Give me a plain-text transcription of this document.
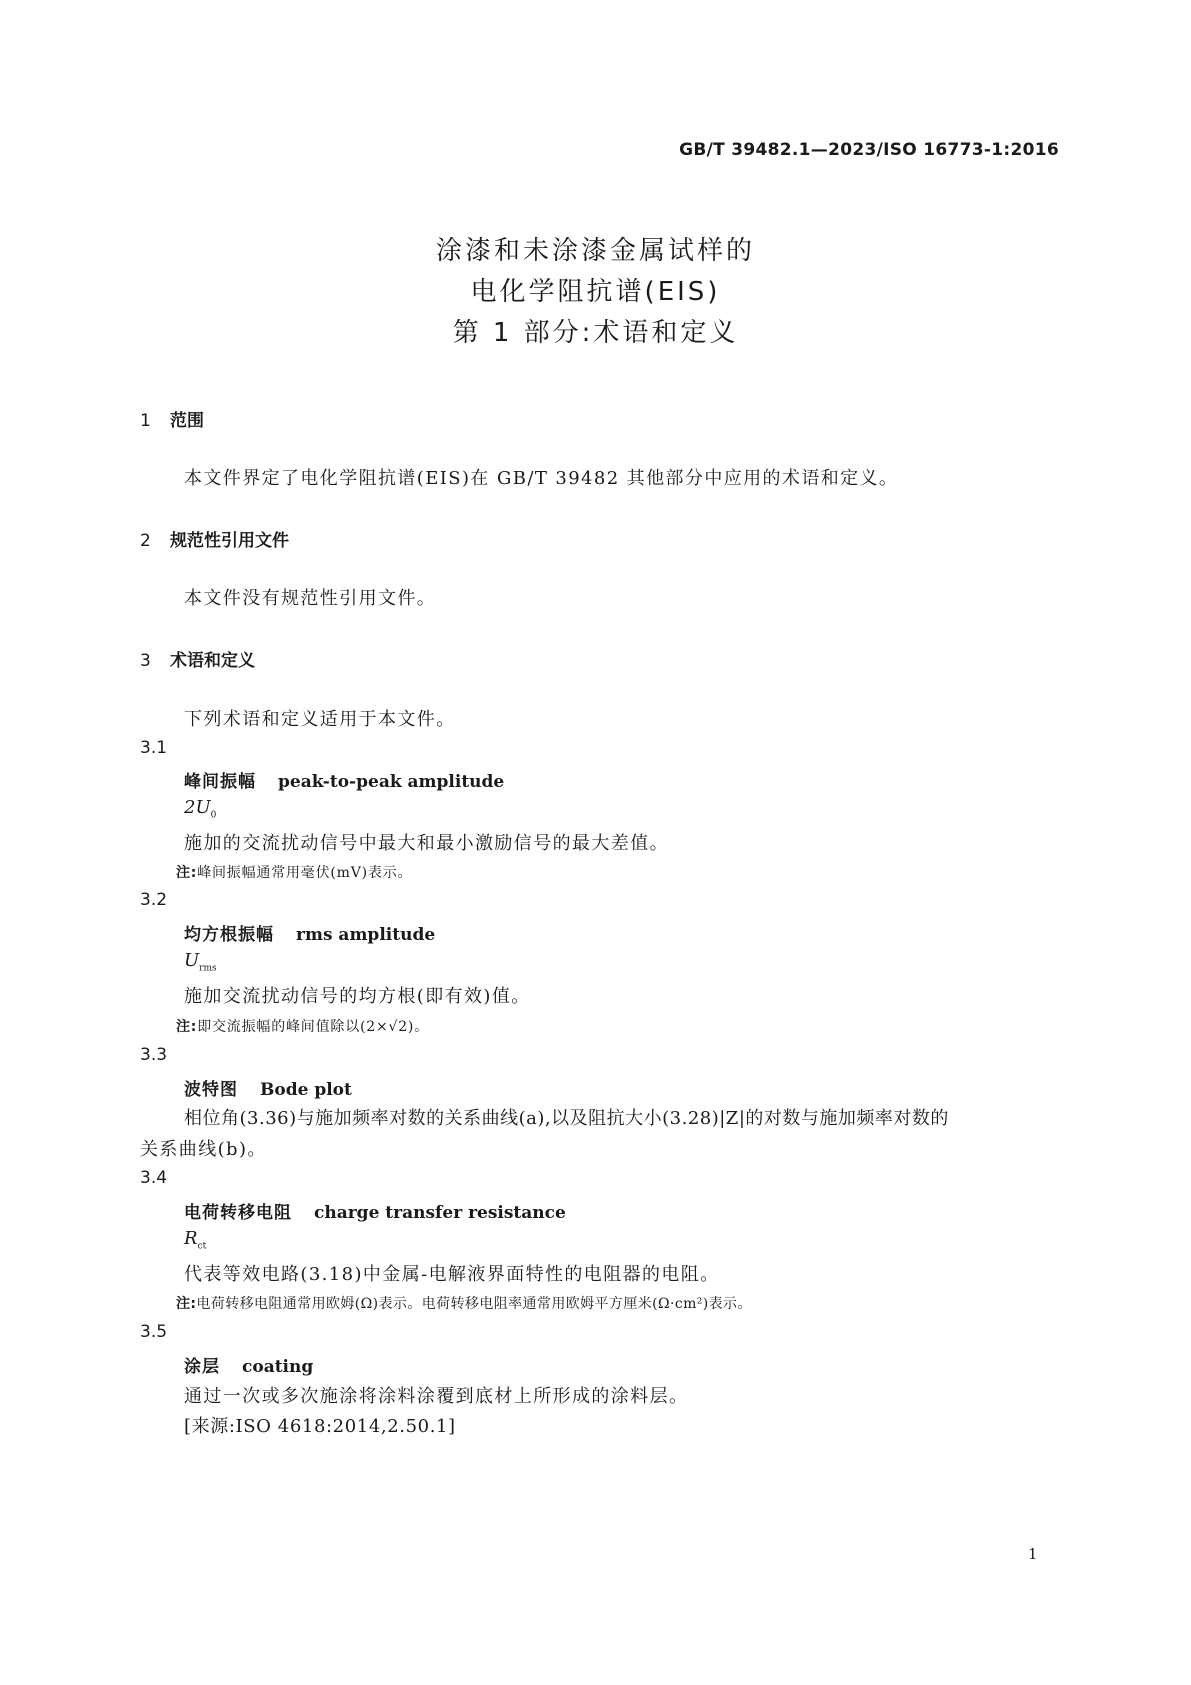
GB/T 39482.1—2023/ISO 16773-1:2016
涂漆和未涂漆金属试样的
电化学阻抗谱(EIS)
第 1 部分:术语和定义
1 范围
本文件界定了电化学阻抗谱(EIS)在 GB/T 39482 其他部分中应用的术语和定义。
2 规范性引用文件
本文件没有规范性引用文件。
3 术语和定义
下列术语和定义适用于本文件。
3.1
峰间振幅 peak-to-peak amplitude
$2U_0$
施加的交流扰动信号中最大和最小激励信号的最大差值。
注:峰间振幅通常用毫伏(mV)表示。
3.2
均方根振幅 rms amplitude
$U_{rms}$
施加交流扰动信号的均方根(即有效)值。
注:即交流振幅的峰间值除以(2×√2)。
3.3
波特图 Bode plot
相位角(3.36)与施加频率对数的关系曲线(a),以及阻抗大小(3.28)|Z|的对数与施加频率对数的
关系曲线(b)。
3.4
电荷转移电阻 charge transfer resistance
$R_{ct}$
代表等效电路(3.18)中金属-电解液界面特性的电阻器的电阻。
注:电荷转移电阻通常用欧姆(Ω)表示。电荷转移电阻率通常用欧姆平方厘米(Ω·cm²)表示。
3.5
涂层 coating
通过一次或多次施涂将涂料涂覆到底材上所形成的涂料层。
[来源:ISO 4618:2014,2.50.1]
1
